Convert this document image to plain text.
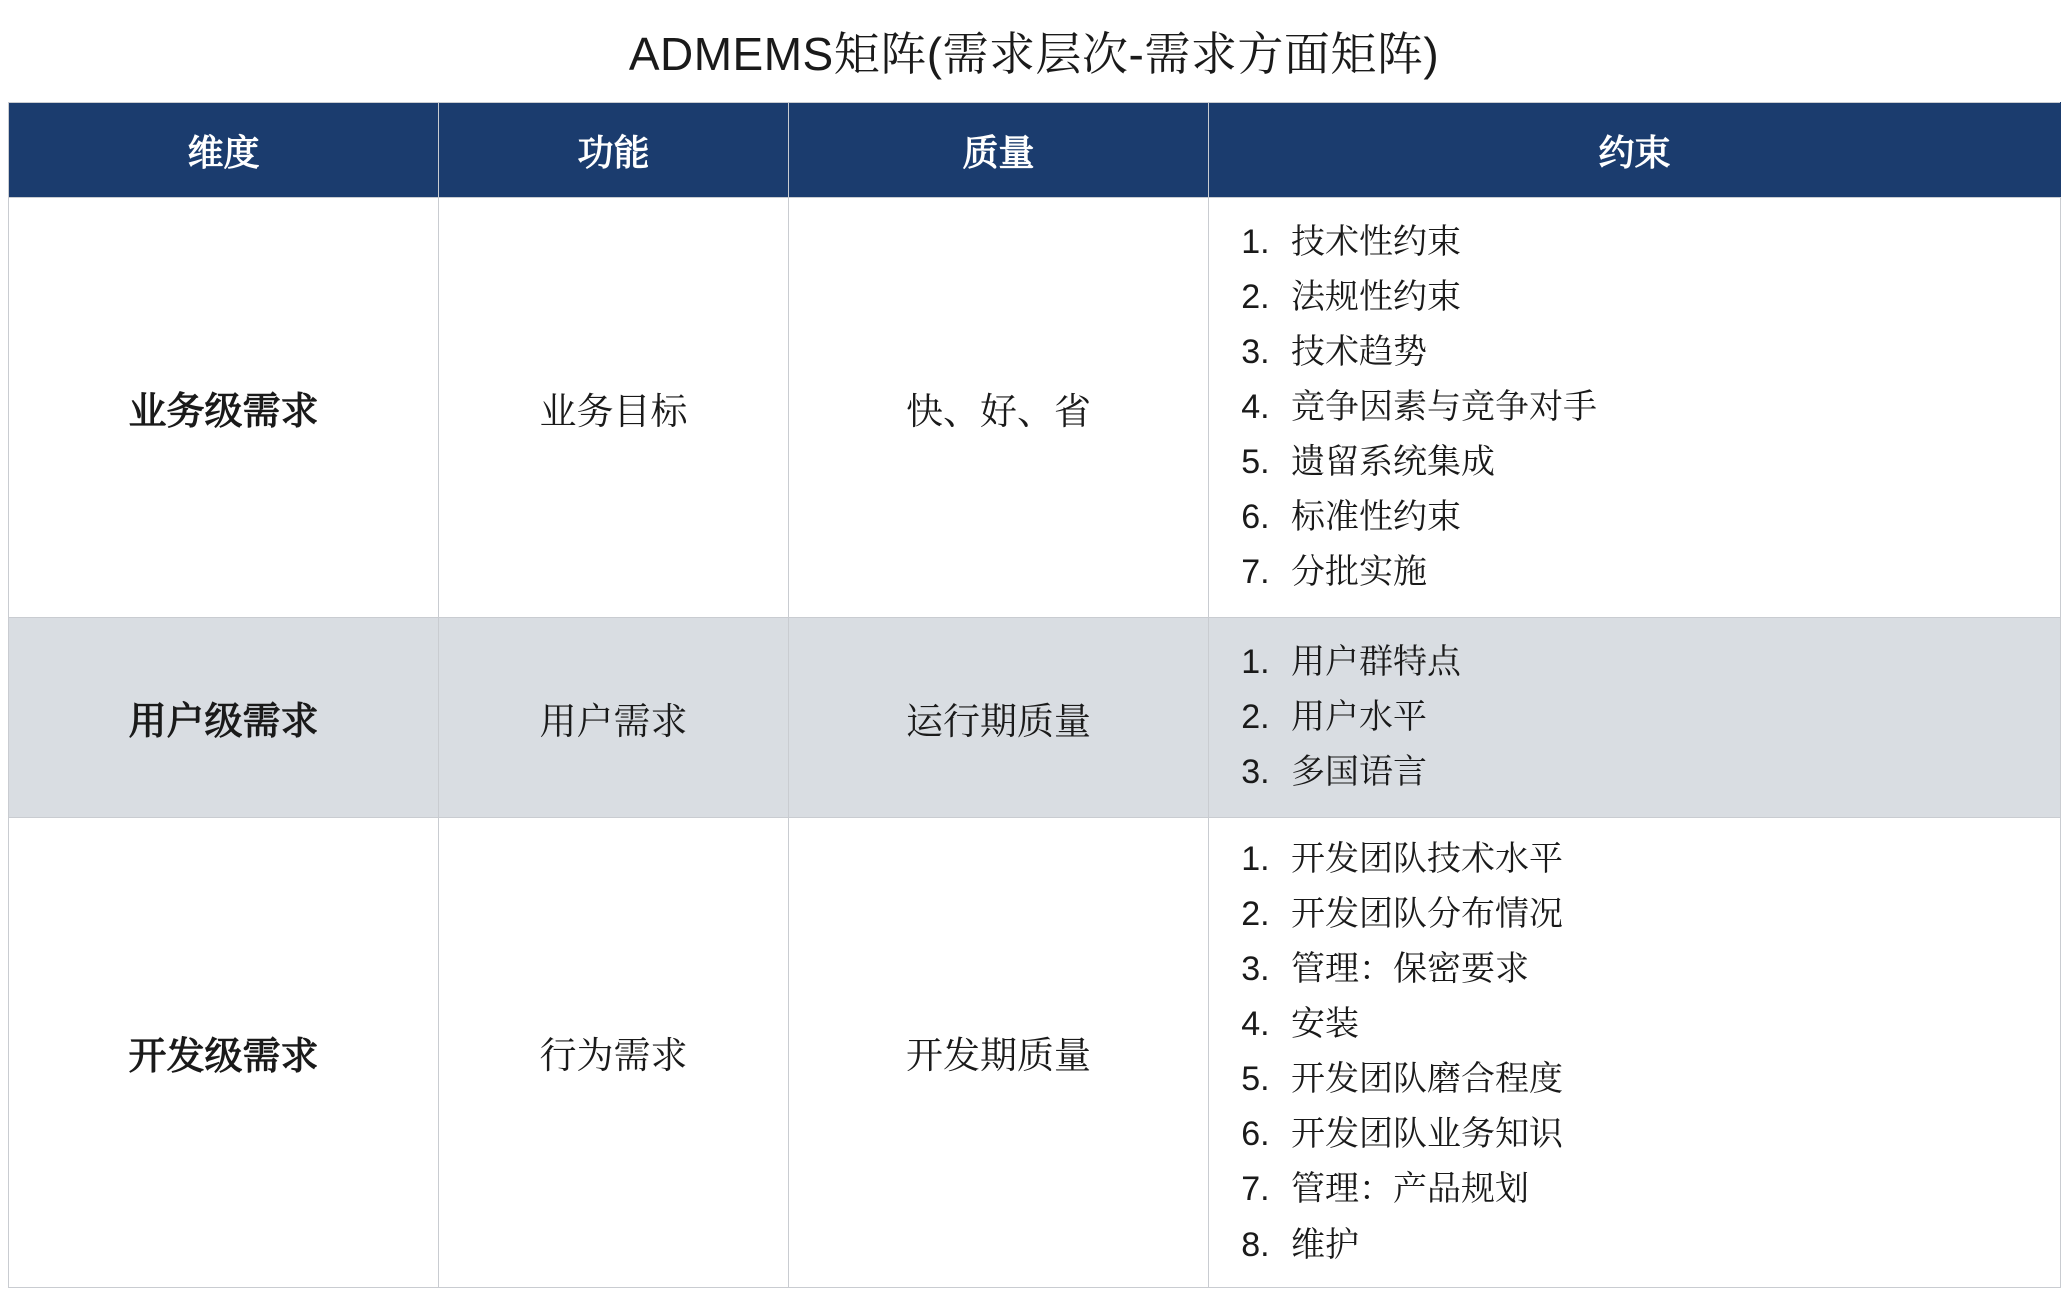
ADMEMS矩阵(需求层次-需求方面矩阵)
维度	功能	质量	约束
业务级需求	业务目标	快、好、省	
1. 技术性约束
2. 法规性约束
3. 技术趋势
4. 竞争因素与竞争对手
5. 遗留系统集成
6. 标准性约束
7. 分批实施

用户级需求	用户需求	运行期质量	
1. 用户群特点
2. 用户水平
3. 多国语言

开发级需求	行为需求	开发期质量	
1. 开发团队技术水平
2. 开发团队分布情况
3. 管理：保密要求
4. 安装
5. 开发团队磨合程度
6. 开发团队业务知识
7. 管理：产品规划
8. 维护
